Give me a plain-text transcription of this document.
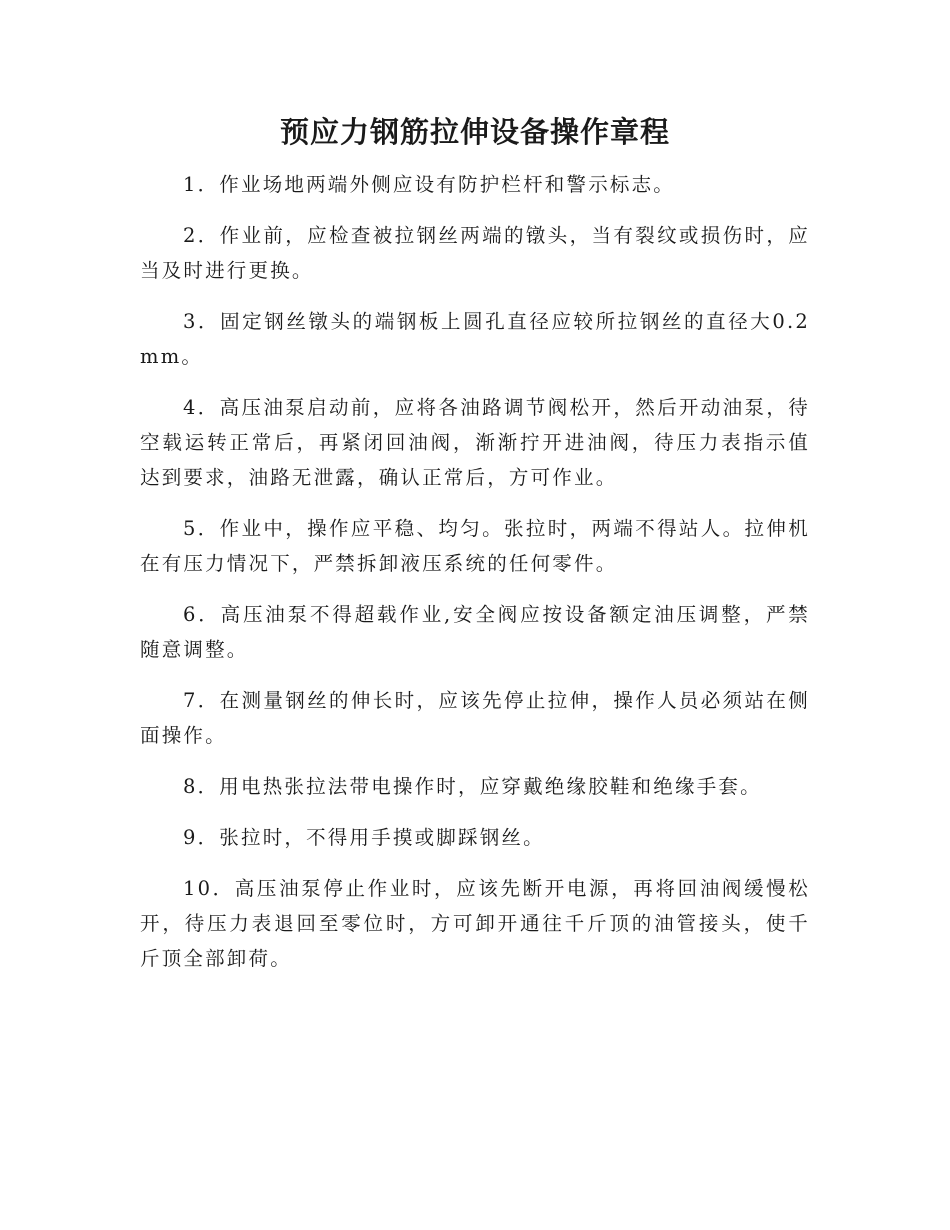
预应力钢筋拉伸设备操作章程

1．作业场地两端外侧应设有防护栏杆和警示标志。

2．作业前，应检查被拉钢丝两端的镦头，当有裂纹或损伤时，应当及时进行更换。

3．固定钢丝镦头的端钢板上圆孔直径应较所拉钢丝的直径大0.2mm。

4．高压油泵启动前，应将各油路调节阀松开，然后开动油泵，待空载运转正常后，再紧闭回油阀，渐渐拧开进油阀，待压力表指示值达到要求，油路无泄露，确认正常后，方可作业。

5．作业中，操作应平稳、均匀。张拉时，两端不得站人。拉伸机在有压力情况下，严禁拆卸液压系统的任何零件。

6．高压油泵不得超载作业,安全阀应按设备额定油压调整，严禁随意调整。

7．在测量钢丝的伸长时，应该先停止拉伸，操作人员必须站在侧面操作。

8．用电热张拉法带电操作时，应穿戴绝缘胶鞋和绝缘手套。

9．张拉时，不得用手摸或脚踩钢丝。

10．高压油泵停止作业时，应该先断开电源，再将回油阀缓慢松开，待压力表退回至零位时，方可卸开通往千斤顶的油管接头，使千斤顶全部卸荷。
